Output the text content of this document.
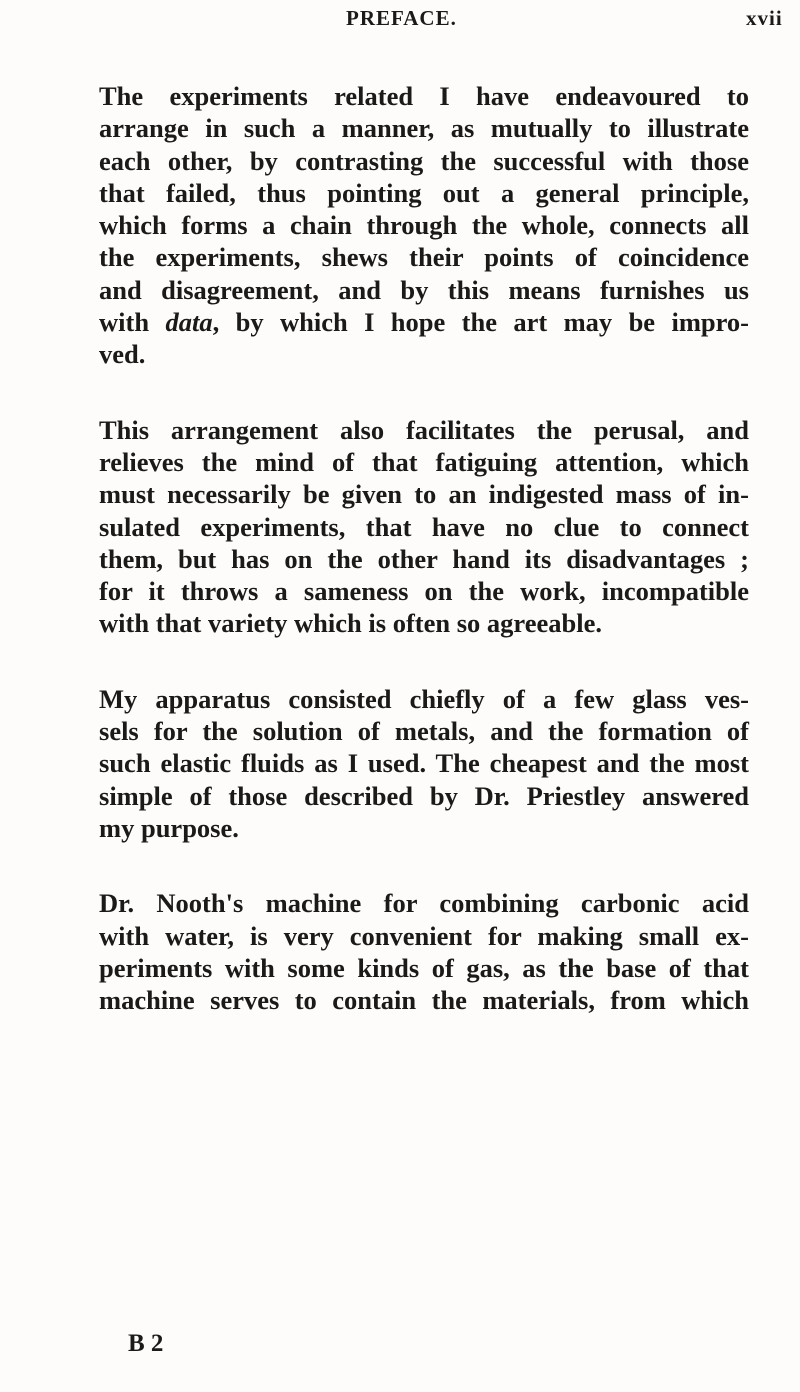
PREFACE.	xvii

The experiments related I have endeavoured to
arrange in such a manner, as mutually to illustrate
each other, by contrasting the successful with those
that failed, thus pointing out a general principle,
which forms a chain through the whole, connects all
the experiments, shews their points of coincidence
and disagreement, and by this means furnishes us
with data, by which I hope the art may be impro-
ved.

This arrangement also facilitates the perusal, and
relieves the mind of that fatiguing attention, which
must necessarily be given to an indigested mass of in-
sulated experiments, that have no clue to connect
them, but has on the other hand its disadvantages ;
for it throws a sameness on the work, incompatible
with that variety which is often so agreeable.

My apparatus consisted chiefly of a few glass ves-
sels for the solution of metals, and the formation of
such elastic fluids as I used. The cheapest and the most
simple of those described by Dr. Priestley answered
my purpose.

Dr. Nooth's machine for combining carbonic acid
with water, is very convenient for making small ex-
periments with some kinds of gas, as the base of that
machine serves to contain the materials, from which

B 2
